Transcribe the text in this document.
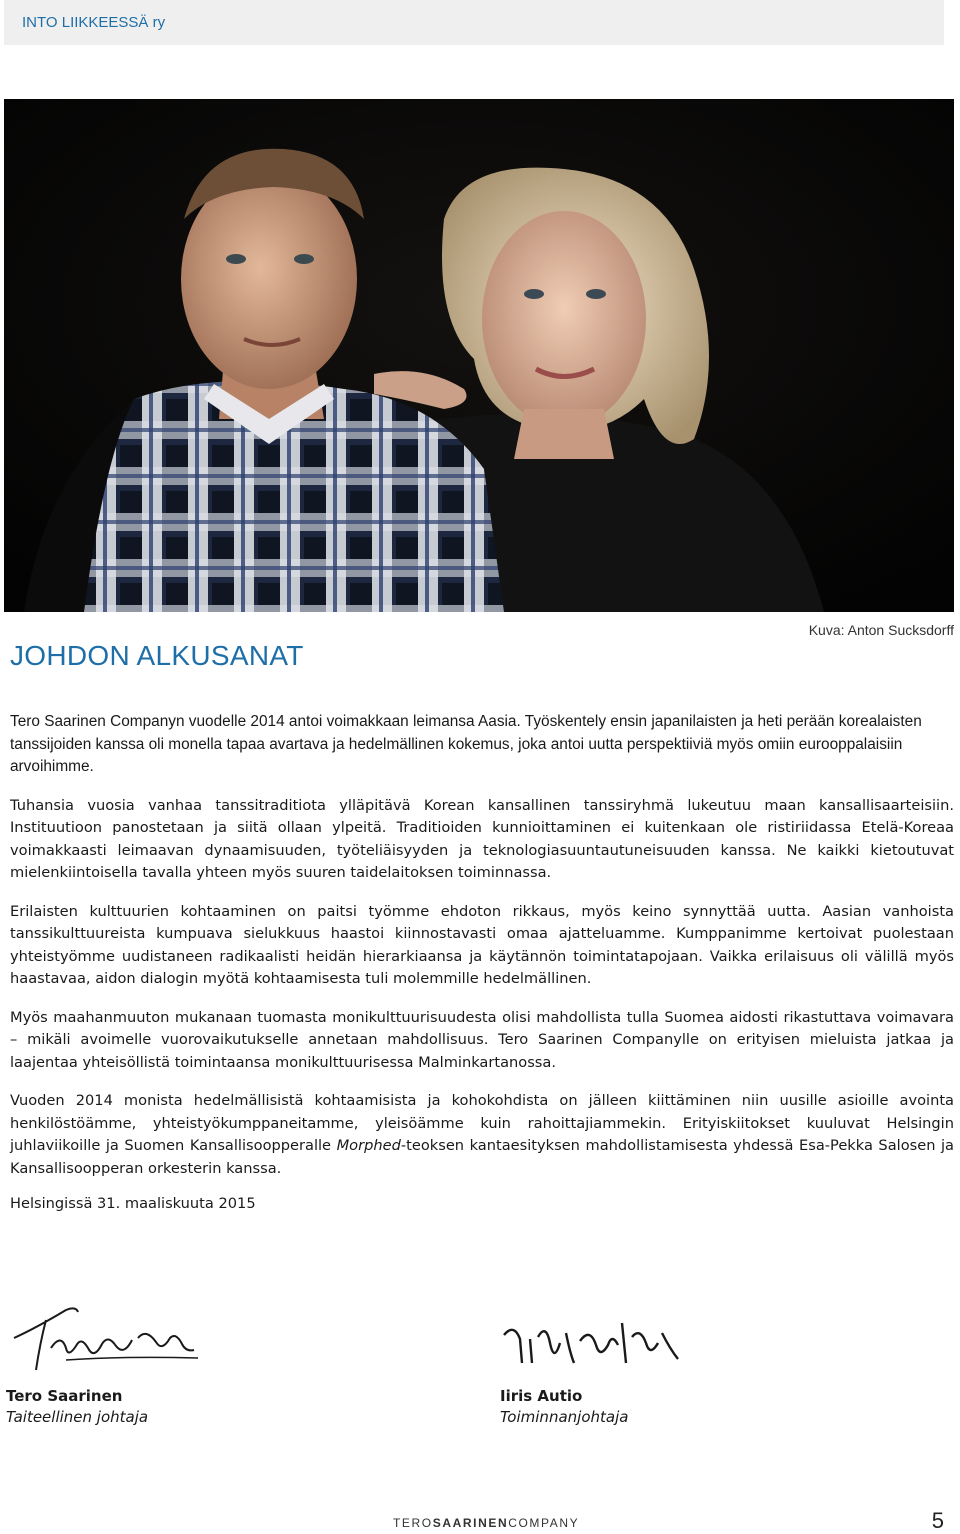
INTO LIIKKEESSÄ ry
Kuva: Anton Sucksdorff
JOHDON ALKUSANAT

Tero Saarinen Companyn vuodelle 2014 antoi voimakkaan leimansa Aasia. Työskentely ensin japanilaisten ja heti perään korealaisten tanssijoiden kanssa oli monella tapaa avartava ja hedelmällinen kokemus, joka antoi uutta perspektiiviä myös omiin eurooppalaisiin arvoihimme.

Tuhansia vuosia vanhaa tanssitraditiota ylläpitävä Korean kansallinen tanssiryhmä lukeutuu maan kansallisaarteisiin. Instituutioon panostetaan ja siitä ollaan ylpeitä. Traditioiden kunnioittaminen ei kuitenkaan ole ristiriidassa Etelä-Koreaa voimakkaasti leimaavan dynaamisuuden, työteliäisyyden ja teknologiasuuntautuneisuuden kanssa. Ne kaikki kietoutuvat mielenkiintoisella tavalla yhteen myös suuren taidelaitoksen toiminnassa.

Erilaisten kulttuurien kohtaaminen on paitsi työmme ehdoton rikkaus, myös keino synnyttää uutta. Aasian vanhoista tanssikulttuureista kumpuava sielukkuus haastoi kiinnostavasti omaa ajatteluamme. Kumppanimme kertoivat puolestaan yhteistyömme uudistaneen radikaalisti heidän hierarkiaansa ja käytännön toimintatapojaan. Vaikka erilaisuus oli välillä myös haastavaa, aidon dialogin myötä kohtaamisesta tuli molemmille hedelmällinen.

Myös maahanmuuton mukanaan tuomasta monikulttuurisuudesta olisi mahdollista tulla Suomea aidosti rikastuttava voimavara – mikäli avoimelle vuorovaikutukselle annetaan mahdollisuus. Tero Saarinen Companylle on erityisen mieluista jatkaa ja laajentaa yhteisöllistä toimintaansa monikulttuurisessa Malminkartanossa.

Vuoden 2014 monista hedelmällisistä kohtaamisista ja kohokohdista on jälleen kiittäminen niin uusille asioille avointa henkilöstöämme, yhteistyökumppaneitamme, yleisöämme kuin rahoittajiammekin. Erityiskiitokset kuuluvat Helsingin juhlaviikoille ja Suomen Kansallisoopperalle Morphed-teoksen kantaesityksen mahdollistamisesta yhdessä Esa-Pekka Salosen ja Kansallisoopperan orkesterin kanssa.

Helsingissä 31. maaliskuuta 2015
Tero Saarinen
Taiteellinen johtaja
Iiris Autio
Toiminnanjohtaja
TEROSAARINENCOMPANY	5
